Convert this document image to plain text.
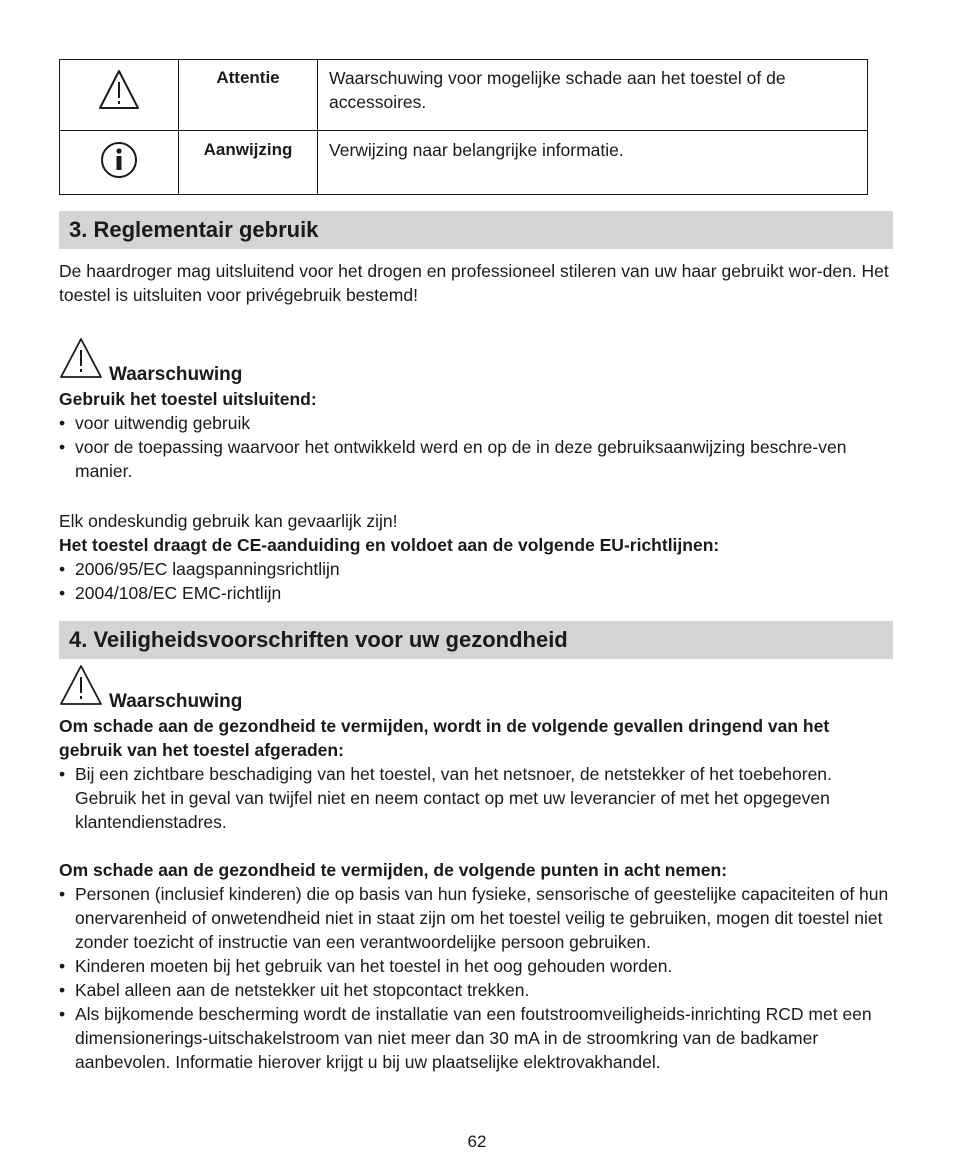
	Attentie	Waarschuwing voor mogelijke schade aan het toestel of de accessoires.
	Aanwijzing	Verwijzing naar belangrijke informatie.
3. Reglementair gebruik

De haardroger mag uitsluitend voor het drogen en professioneel stileren van uw haar gebruikt wor-den. Het toestel is uitsluiten voor privégebruik bestemd!

Waarschuwing

Gebruik het toestel uitsluitend:

• voor uitwendig gebruik
• voor de toepassing waarvoor het ontwikkeld werd en op de in deze gebruiksaanwijzing beschre-ven manier.

Elk ondeskundig gebruik kan gevaarlijk zijn!

Het toestel draagt de CE-aanduiding en voldoet aan de volgende EU-richtlijnen:

• 2006/95/EC laagspanningsrichtlijn
• 2004/108/EC EMC-richtlijn
4. Veiligheidsvoorschriften voor uw gezondheid
Waarschuwing

Om schade aan de gezondheid te vermijden, wordt in de volgende gevallen dringend van het gebruik van het toestel afgeraden:

• Bij een zichtbare beschadiging van het toestel, van het netsnoer, de netstekker of het toebehoren. Gebruik het in geval van twijfel niet en neem contact op met uw leverancier of met het opgegeven klantendienstadres.

Om schade aan de gezondheid te vermijden, de volgende punten in acht nemen:

• Personen (inclusief kinderen) die op basis van hun fysieke, sensorische of geestelijke capaciteiten of hun onervarenheid of onwetendheid niet in staat zijn om het toestel veilig te gebruiken, mogen dit toestel niet zonder toezicht of instructie van een verantwoordelijke persoon gebruiken.
• Kinderen moeten bij het gebruik van het toestel in het oog gehouden worden.
• Kabel alleen aan de netstekker uit het stopcontact trekken.
• Als bijkomende bescherming wordt de installatie van een foutstroomveiligheids-inrichting RCD met een dimensionerings-uitschakelstroom van niet meer dan 30 mA in de stroomkring van de badkamer aanbevolen. Informatie hierover krijgt u bij uw plaatselijke elektrovakhandel.
62
